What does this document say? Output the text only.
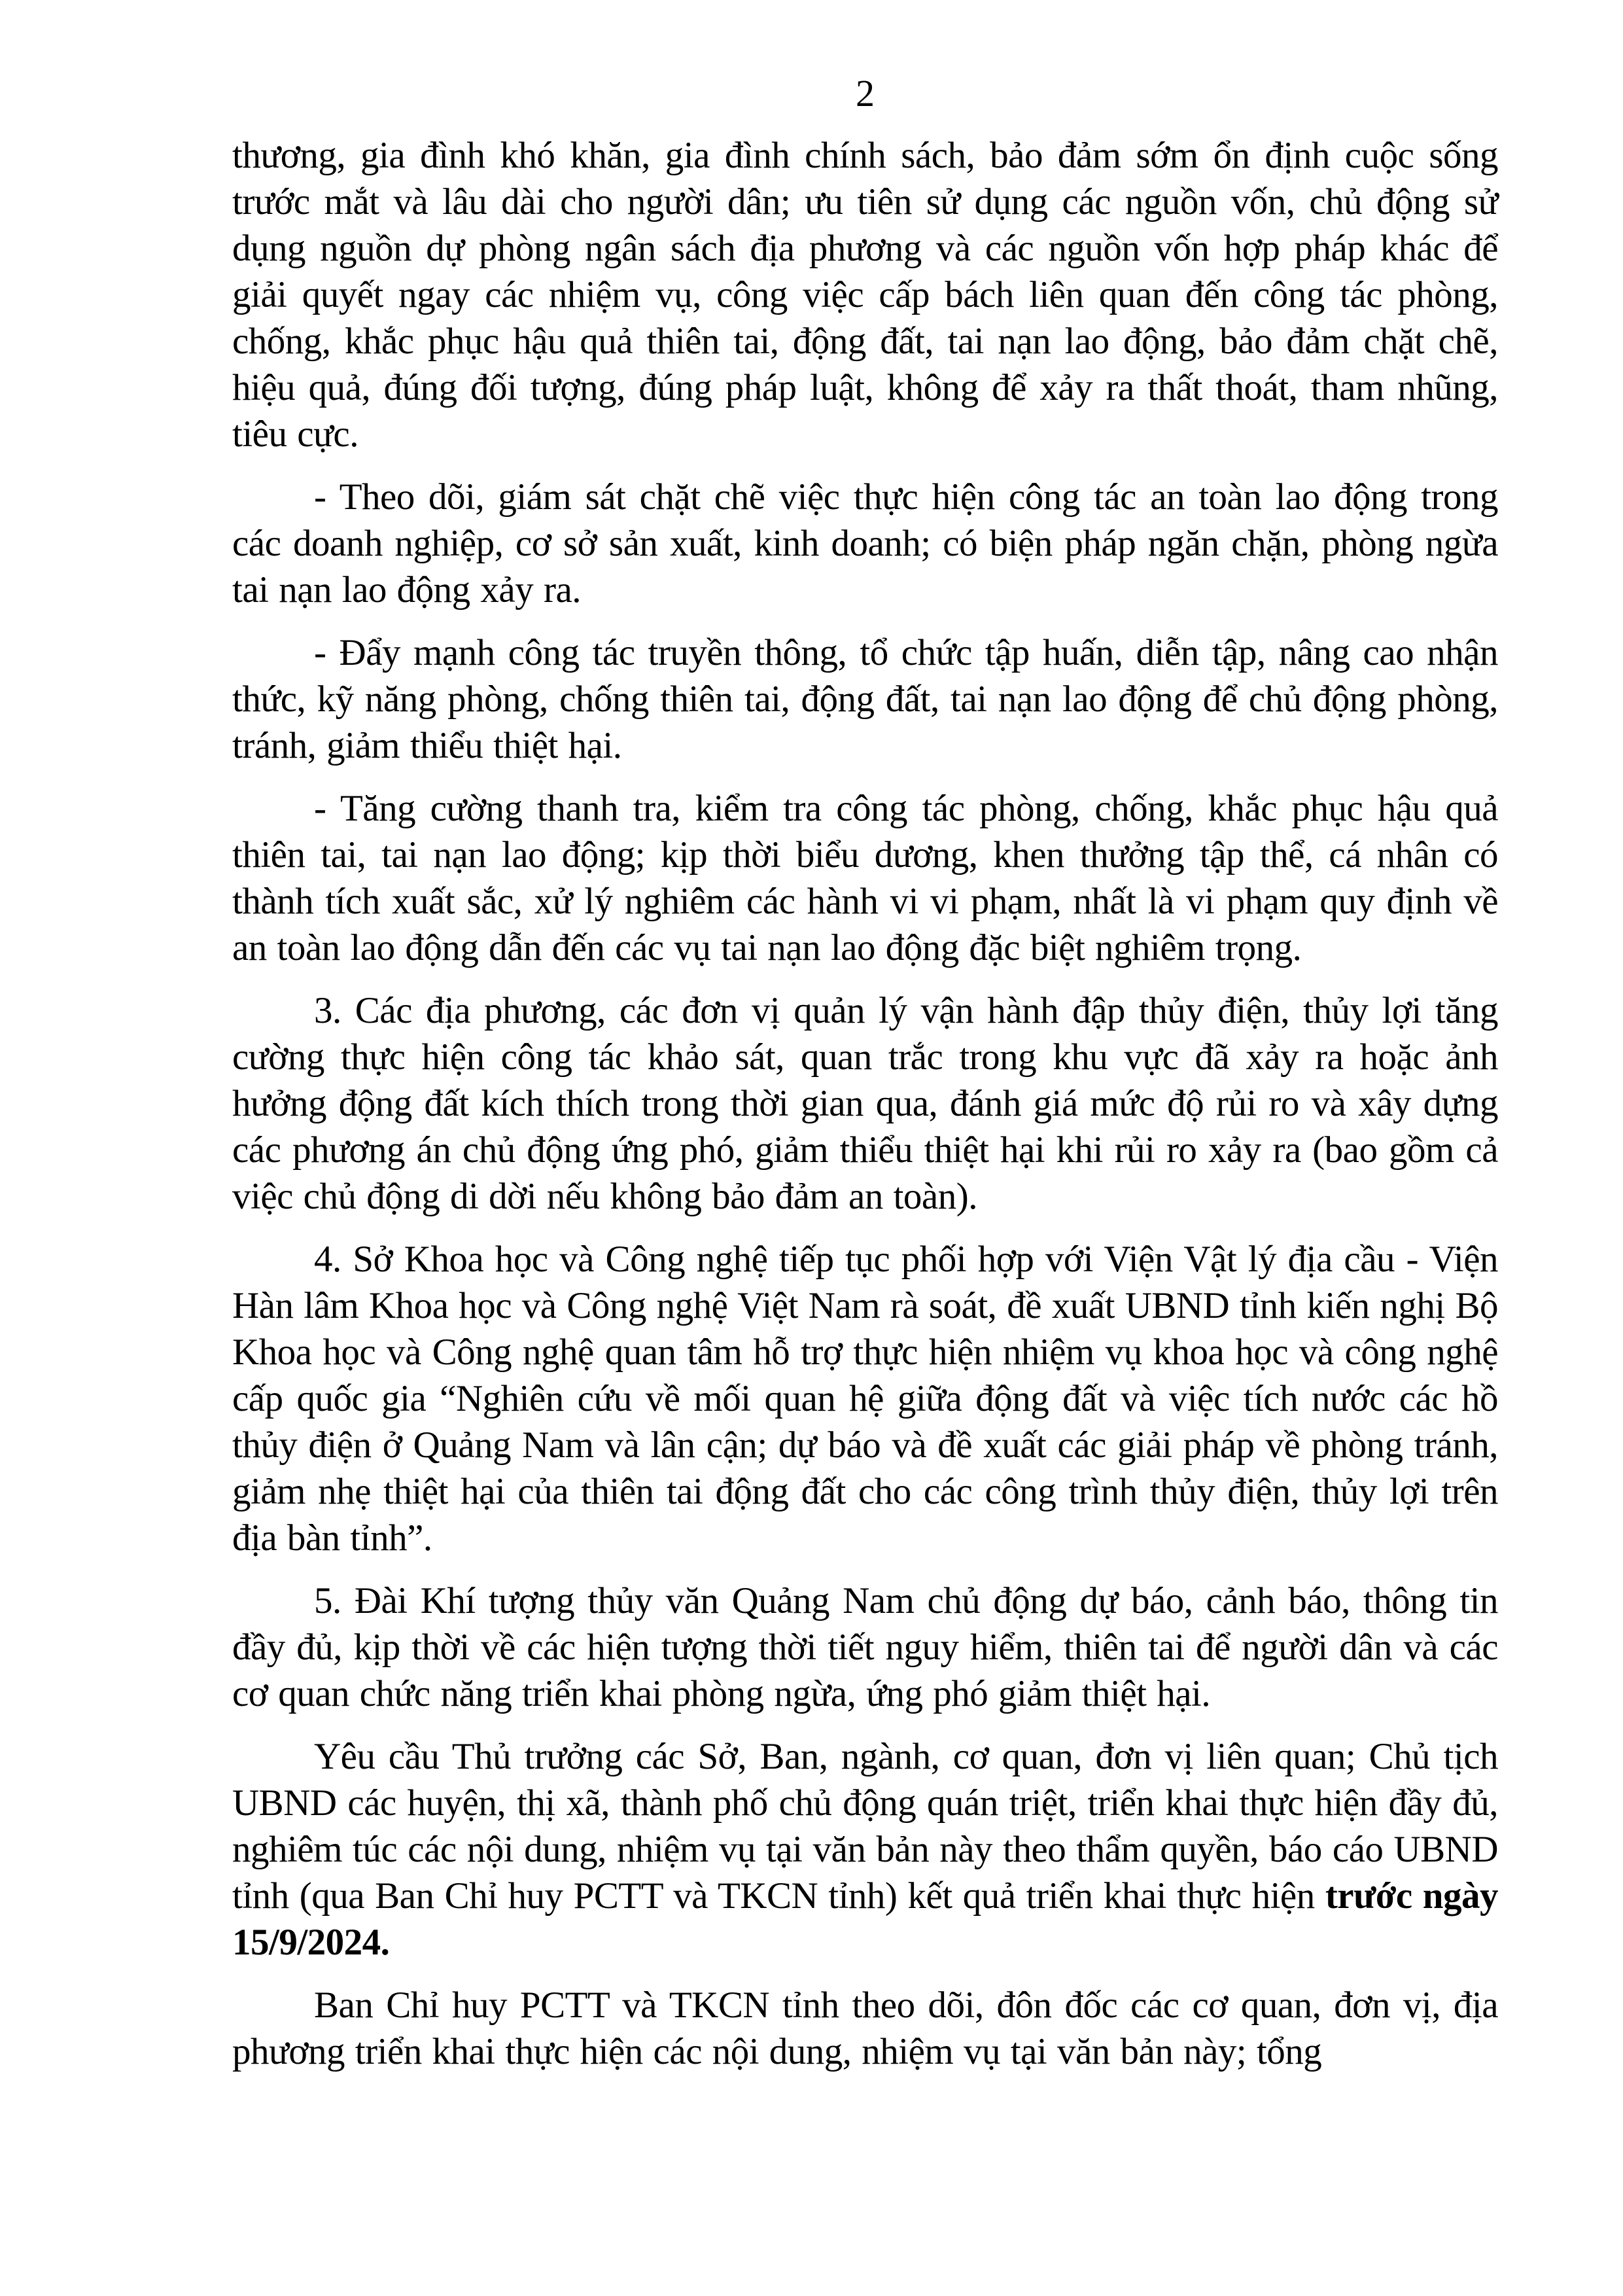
2

thương, gia đình khó khăn, gia đình chính sách, bảo đảm sớm ổn định cuộc sống trước mắt và lâu dài cho người dân; ưu tiên sử dụng các nguồn vốn, chủ động sử dụng nguồn dự phòng ngân sách địa phương và các nguồn vốn hợp pháp khác để giải quyết ngay các nhiệm vụ, công việc cấp bách liên quan đến công tác phòng, chống, khắc phục hậu quả thiên tai, động đất, tai nạn lao động, bảo đảm chặt chẽ, hiệu quả, đúng đối tượng, đúng pháp luật, không để xảy ra thất thoát, tham nhũng, tiêu cực.

- Theo dõi, giám sát chặt chẽ việc thực hiện công tác an toàn lao động trong các doanh nghiệp, cơ sở sản xuất, kinh doanh; có biện pháp ngăn chặn, phòng ngừa tai nạn lao động xảy ra.

- Đẩy mạnh công tác truyền thông, tổ chức tập huấn, diễn tập, nâng cao nhận thức, kỹ năng phòng, chống thiên tai, động đất, tai nạn lao động để chủ động phòng, tránh, giảm thiểu thiệt hại.

- Tăng cường thanh tra, kiểm tra công tác phòng, chống, khắc phục hậu quả thiên tai, tai nạn lao động; kịp thời biểu dương, khen thưởng tập thể, cá nhân có thành tích xuất sắc, xử lý nghiêm các hành vi vi phạm, nhất là vi phạm quy định về an toàn lao động dẫn đến các vụ tai nạn lao động đặc biệt nghiêm trọng.

3. Các địa phương, các đơn vị quản lý vận hành đập thủy điện, thủy lợi tăng cường thực hiện công tác khảo sát, quan trắc trong khu vực đã xảy ra hoặc ảnh hưởng động đất kích thích trong thời gian qua, đánh giá mức độ rủi ro và xây dựng các phương án chủ động ứng phó, giảm thiểu thiệt hại khi rủi ro xảy ra (bao gồm cả việc chủ động di dời nếu không bảo đảm an toàn).

4. Sở Khoa học và Công nghệ tiếp tục phối hợp với Viện Vật lý địa cầu - Viện Hàn lâm Khoa học và Công nghệ Việt Nam rà soát, đề xuất UBND tỉnh kiến nghị Bộ Khoa học và Công nghệ quan tâm hỗ trợ thực hiện nhiệm vụ khoa học và công nghệ cấp quốc gia “Nghiên cứu về mối quan hệ giữa động đất và việc tích nước các hồ thủy điện ở Quảng Nam và lân cận; dự báo và đề xuất các giải pháp về phòng tránh, giảm nhẹ thiệt hại của thiên tai động đất cho các công trình thủy điện, thủy lợi trên địa bàn tỉnh”.

5. Đài Khí tượng thủy văn Quảng Nam chủ động dự báo, cảnh báo, thông tin đầy đủ, kịp thời về các hiện tượng thời tiết nguy hiểm, thiên tai để người dân và các cơ quan chức năng triển khai phòng ngừa, ứng phó giảm thiệt hại.

Yêu cầu Thủ trưởng các Sở, Ban, ngành, cơ quan, đơn vị liên quan; Chủ tịch UBND các huyện, thị xã, thành phố chủ động quán triệt, triển khai thực hiện đầy đủ, nghiêm túc các nội dung, nhiệm vụ tại văn bản này theo thẩm quyền, báo cáo UBND tỉnh (qua Ban Chỉ huy PCTT và TKCN tỉnh) kết quả triển khai thực hiện trước ngày 15/9/2024.

Ban Chỉ huy PCTT và TKCN tỉnh theo dõi, đôn đốc các cơ quan, đơn vị, địa phương triển khai thực hiện các nội dung, nhiệm vụ tại văn bản này; tổng
